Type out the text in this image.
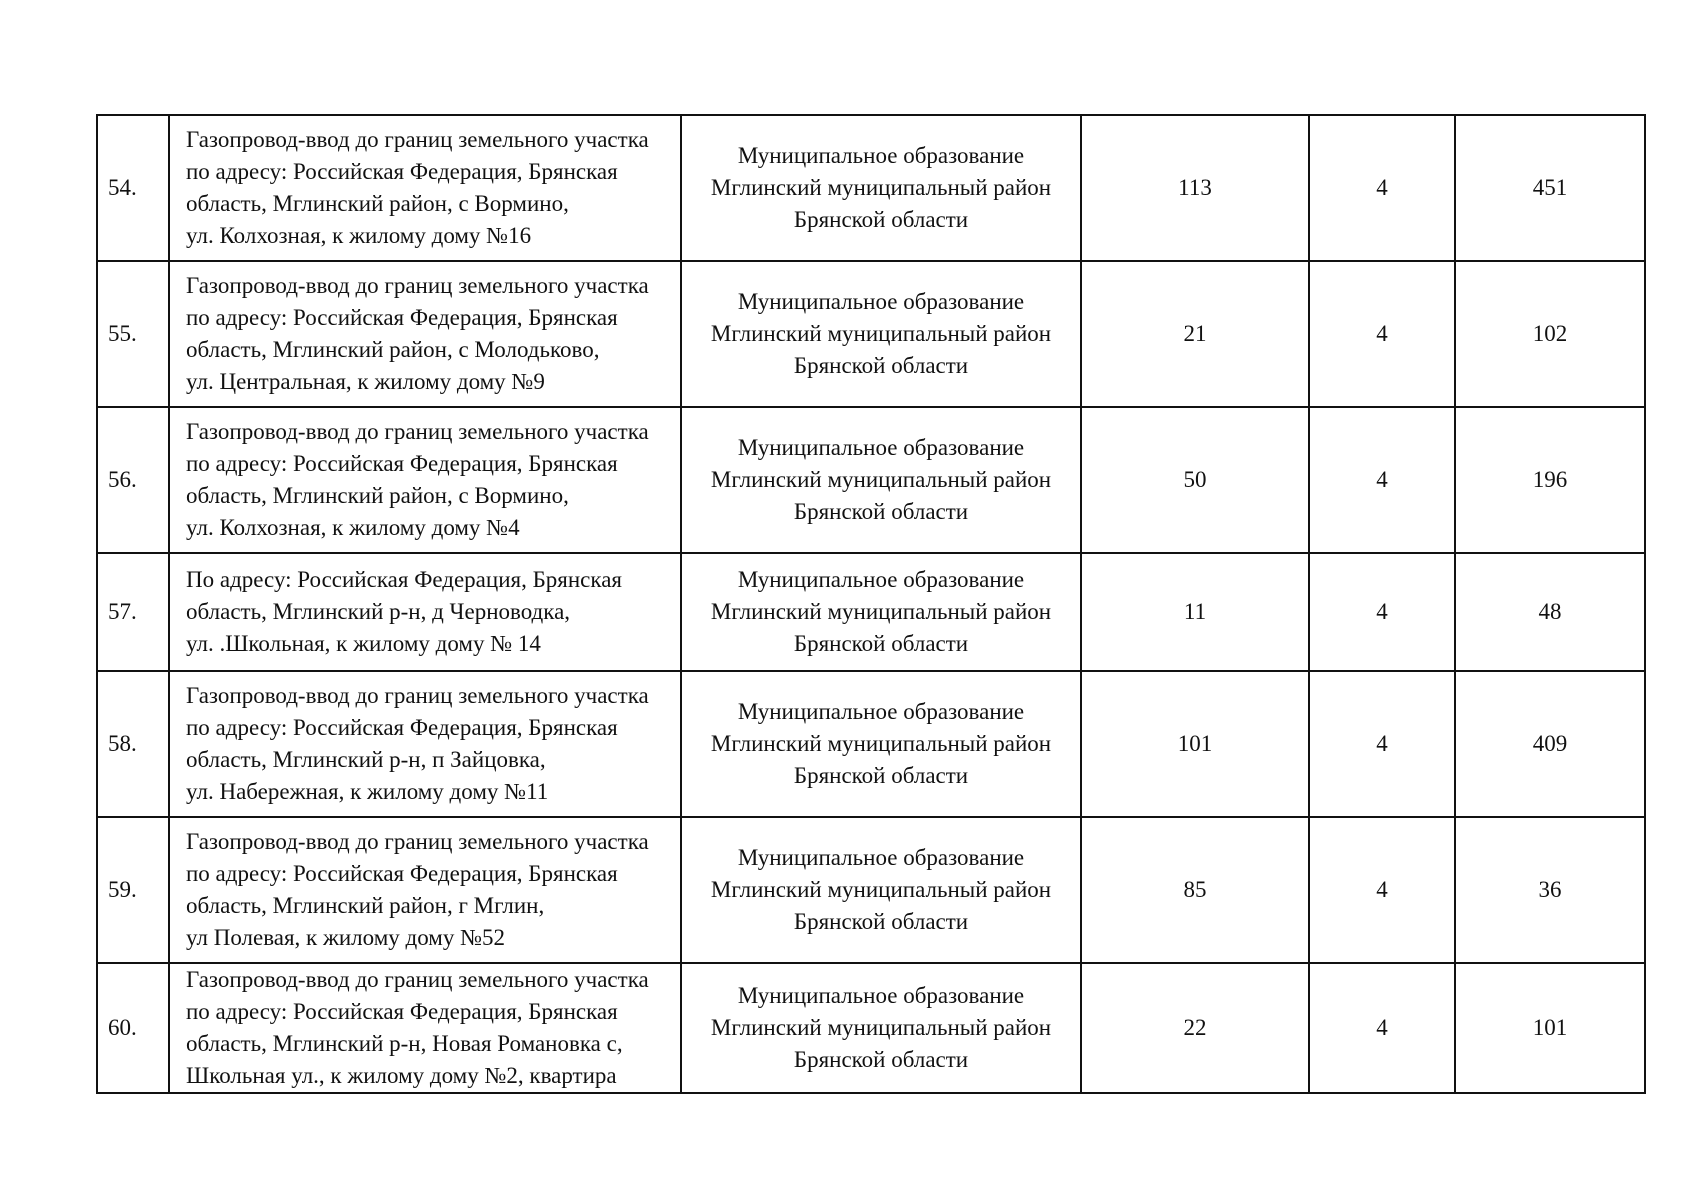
54.	Газопровод-ввод до границ земельного участка
по адресу: Российская Федерация, Брянская
область, Мглинский район, с Вормино,
ул. Колхозная, к жилому дому №16	Муниципальное образование
Мглинский муниципальный район
Брянской области	113	4	451
55.	Газопровод-ввод до границ земельного участка
по адресу: Российская Федерация, Брянская
область, Мглинский район, с Молодьково,
ул. Центральная, к жилому дому №9	Муниципальное образование
Мглинский муниципальный район
Брянской области	21	4	102
56.	Газопровод-ввод до границ земельного участка
по адресу: Российская Федерация, Брянская
область, Мглинский район, с Вормино,
ул. Колхозная, к жилому дому №4	Муниципальное образование
Мглинский муниципальный район
Брянской области	50	4	196
57.	По адресу: Российская Федерация, Брянская
область, Мглинский р-н, д Черноводка,
ул. .Школьная, к жилому дому № 14	Муниципальное образование
Мглинский муниципальный район
Брянской области	11	4	48
58.	Газопровод-ввод до границ земельного участка
по адресу: Российская Федерация, Брянская
область, Мглинский р-н, п Зайцовка,
ул. Набережная, к жилому дому №11	Муниципальное образование
Мглинский муниципальный район
Брянской области	101	4	409
59.	Газопровод-ввод до границ земельного участка
по адресу: Российская Федерация, Брянская
область, Мглинский район, г Мглин,
ул Полевая, к жилому дому №52	Муниципальное образование
Мглинский муниципальный район
Брянской области	85	4	36
60.	Газопровод-ввод до границ земельного участка
по адресу: Российская Федерация, Брянская
область, Мглинский р-н, Новая Романовка с,
Школьная ул., к жилому дому №2, квартира	Муниципальное образование
Мглинский муниципальный район
Брянской области	22	4	101
